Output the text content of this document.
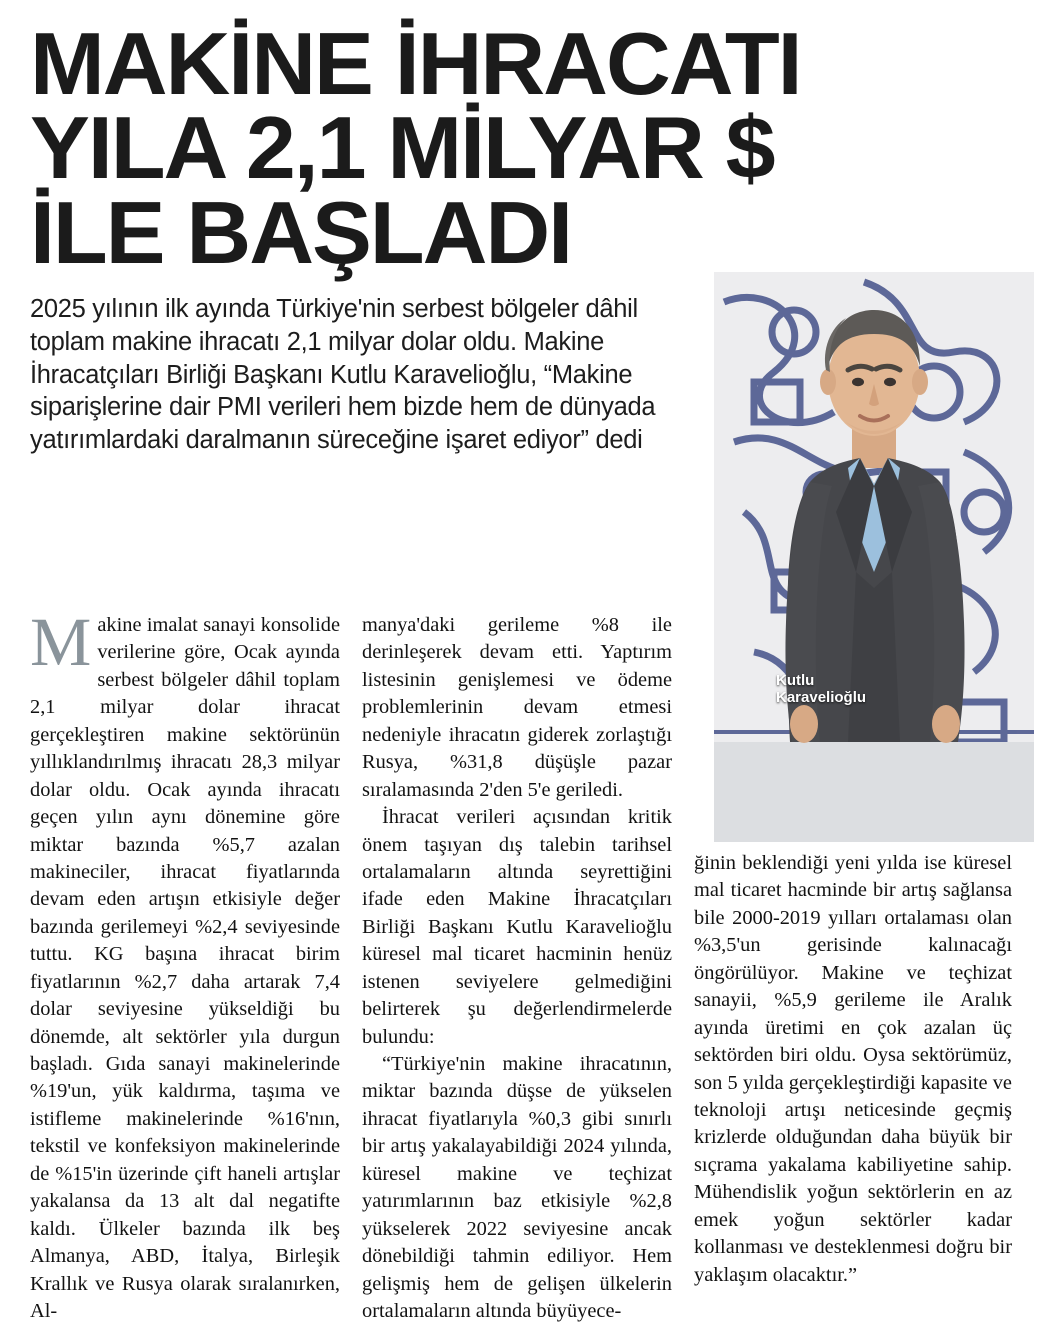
MAKİNE İHRACATI
YILA 2,1 MİLYAR $
İLE BAŞLADI
2025 yılının ilk ayında Türkiye'nin serbest bölgeler dâhil toplam makine ihracatı 2,1 milyar dolar oldu. Makine İhracatçıları Birliği Başkanı Kutlu Karavelioğlu, “Makine siparişlerine dair PMI verileri hem bizde hem de dünyada yatırımlardaki daralmanın süreceğine işaret ediyor” dedi
Kutlu
Karavelioğlu

Makine imalat sanayi konsolide verilerine göre, Ocak ayında serbest bölgeler dâhil toplam 2,1 milyar dolar ihracat gerçekleştiren makine sektörünün yıllıklandırılmış ihracatı 28,3 milyar dolar oldu. Ocak ayında ihracatı geçen yılın aynı dönemine göre miktar bazında %5,7 azalan makineciler, ihracat fiyatlarında devam eden artışın etkisiyle değer bazında gerilemeyi %2,4 seviyesinde tuttu. KG başına ihracat birim fiyatlarının %2,7 daha artarak 7,4 dolar seviyesine yükseldiği bu dönemde, alt sektörler yıla durgun başladı. Gıda sanayi makinelerinde %19'un, yük kaldırma, taşıma ve istifleme makinelerinde %16'nın, tekstil ve konfeksiyon makinelerinde de %15'in üzerinde çift haneli artışlar yakalansa da 13 alt dal negatifte kaldı. Ülkeler bazında ilk beş Almanya, ABD, İtalya, Birleşik Krallık ve Rusya olarak sıralanırken, Al-

manya'daki gerileme %8 ile derinleşerek devam etti. Yaptırım listesinin genişlemesi ve ödeme problemlerinin devam etmesi nedeniyle ihracatın giderek zorlaştığı Rusya, %31,8 düşüşle pazar sıralamasında 2'den 5'e geriledi.

İhracat verileri açısından kritik önem taşıyan dış talebin tarihsel ortalamaların altında seyrettiğini ifade eden Makine İhracatçıları Birliği Başkanı Kutlu Karavelioğlu küresel mal ticaret hacminin henüz istenen seviyelere gelmediğini belirterek şu değerlendirmelerde bulundu:

“Türkiye'nin makine ihracatının, miktar bazında düşse de yükselen ihracat fiyatlarıyla %0,3 gibi sınırlı bir artış yakalayabildiği 2024 yılında, küresel makine ve teçhizat yatırımlarının baz etkisiyle %2,8 yükselerek 2022 seviyesine ancak dönebildiği tahmin ediliyor. Hem gelişmiş hem de gelişen ülkelerin ortalamaların altında büyüyece-

ğinin beklendiği yeni yılda ise küresel mal ticaret hacminde bir artış sağlansa bile 2000-2019 yılları ortalaması olan %3,5'un gerisinde kalınacağı öngörülüyor. Makine ve teçhizat sanayii, %5,9 gerileme ile Aralık ayında üretimi en çok azalan üç sektörden biri oldu. Oysa sektörümüz, son 5 yılda gerçekleştirdiği kapasite ve teknoloji artışı neticesinde geçmiş krizlerde olduğundan daha büyük bir sıçrama yakalama kabiliyetine sahip. Mühendislik yoğun sektörlerin en az emek yoğun sektörler kadar kollanması ve desteklenmesi doğru bir yaklaşım olacaktır.”
